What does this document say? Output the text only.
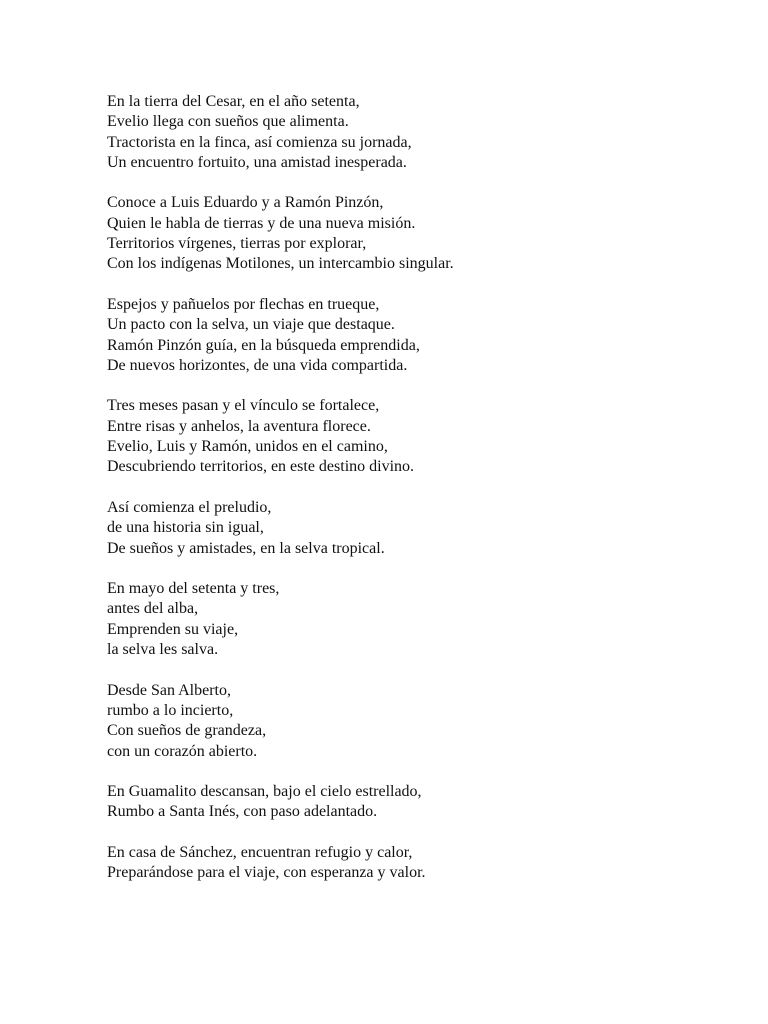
En la tierra del Cesar, en el año setenta,
Evelio llega con sueños que alimenta.
Tractorista en la finca, así comienza su jornada,
Un encuentro fortuito, una amistad inesperada.
Conoce a Luis Eduardo y a Ramón Pinzón,
Quien le habla de tierras y de una nueva misión.
Territorios vírgenes, tierras por explorar,
Con los indígenas Motilones, un intercambio singular.
Espejos y pañuelos por flechas en trueque,
Un pacto con la selva, un viaje que destaque.
Ramón Pinzón guía, en la búsqueda emprendida,
De nuevos horizontes, de una vida compartida.
Tres meses pasan y el vínculo se fortalece,
Entre risas y anhelos, la aventura florece.
Evelio, Luis y Ramón, unidos en el camino,
Descubriendo territorios, en este destino divino.
Así comienza el preludio,
de una historia sin igual,
De sueños y amistades, en la selva tropical.
En mayo del setenta y tres,
antes del alba,
Emprenden su viaje,
la selva les salva.
Desde San Alberto,
rumbo a lo incierto,
Con sueños de grandeza,
con un corazón abierto.
En Guamalito descansan, bajo el cielo estrellado,
Rumbo a Santa Inés, con paso adelantado.
En casa de Sánchez, encuentran refugio y calor,
Preparándose para el viaje, con esperanza y valor.
